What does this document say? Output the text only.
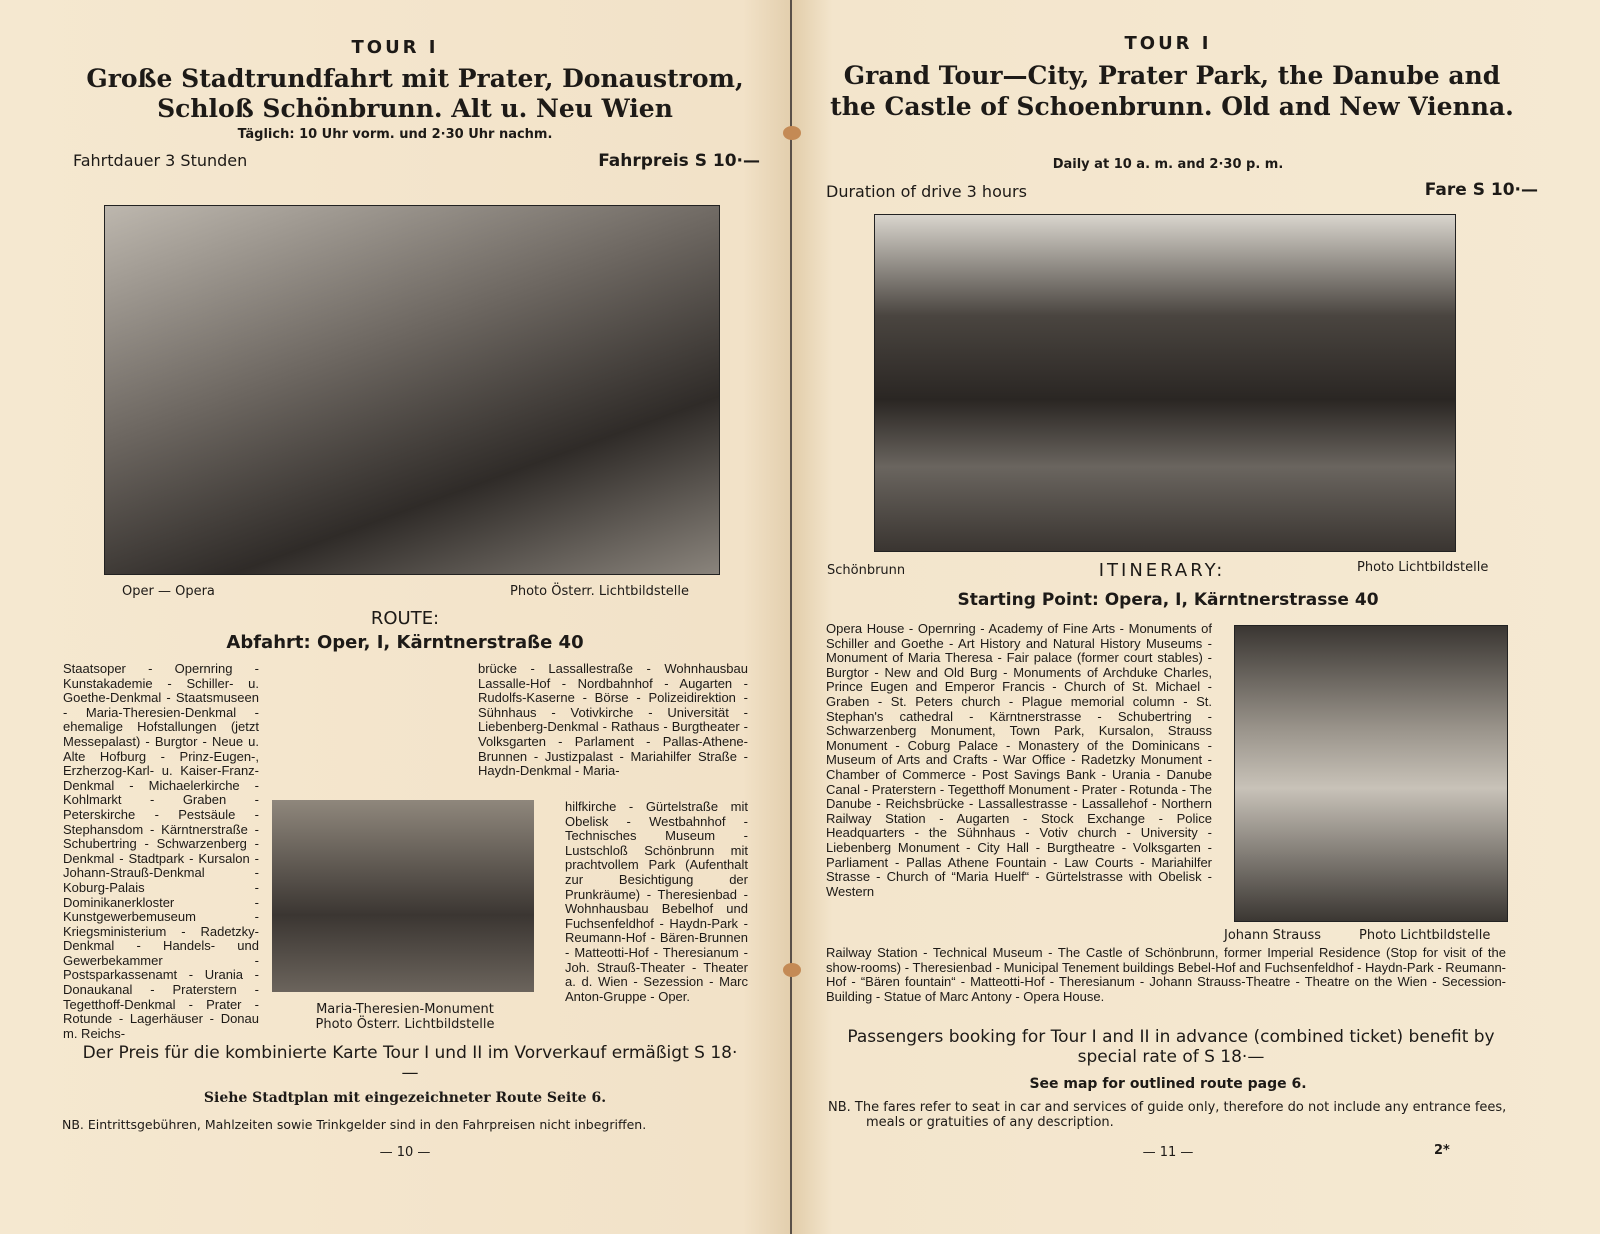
TOUR I
Große Stadtrundfahrt mit Prater, Donaustrom, Schloß Schönbrunn. Alt u. Neu Wien
Täglich: 10 Uhr vorm. und 2·30 Uhr nachm.
Fahrtdauer 3 Stunden	Fahrpreis S 10·—
Oper — Opera	Photo Österr. Lichtbildstelle
ROUTE:
Abfahrt: Oper, I, Kärntnerstraße 40
Staatsoper - Opernring - Kunstakademie - Schiller- u. Goethe-Denkmal - Staatsmuseen - Maria-Theresien-Denkmal - ehemalige Hofstallungen (jetzt Messepalast) - Burgtor - Neue u. Alte Hofburg - Prinz-Eugen-, Erzherzog-Karl- u. Kaiser-Franz-Denkmal - Michaelerkirche - Kohlmarkt - Graben - Peterskirche - Pestsäule - Stephansdom - Kärntnerstraße - Schubertring - Schwarzenberg - Denkmal - Stadtpark - Kursalon - Johann-Strauß-Denkmal - Koburg-Palais - Dominikanerkloster - Kunstgewerbemuseum - Kriegsministerium - Radetzky-Denkmal - Handels- und Gewerbekammer - Postsparkassenamt - Urania - Donaukanal - Praterstern - Tegetthoff-Denkmal - Prater - Rotunde - Lagerhäuser - Donau m. Reichs-
brücke - Lassallestraße - Wohnhausbau Lassalle-Hof - Nordbahnhof - Augarten - Rudolfs-Kaserne - Börse - Polizeidirektion - Sühnhaus - Votivkirche - Universität - Liebenberg-Denkmal - Rathaus - Burgtheater - Volksgarten - Parlament - Pallas-Athene-Brunnen - Justizpalast - Mariahilfer Straße - Haydn-Denkmal - Maria-
hilfkirche - Gürtelstraße mit Obelisk - Westbahnhof - Technisches Museum - Lustschloß Schönbrunn mit prachtvollem Park (Aufenthalt zur Besichtigung der Prunkräume) - Theresienbad - Wohnhausbau Bebelhof und Fuchsenfeldhof - Haydn-Park - Reumann-Hof - Bären-Brunnen - Matteotti-Hof - Theresianum - Joh. Strauß-Theater - Theater a. d. Wien - Sezession - Marc Anton-Gruppe - Oper.
Maria-Theresien-Monument
Photo Österr. Lichtbildstelle
Der Preis für die kombinierte Karte Tour I und II im Vorverkauf ermäßigt S 18·—
Siehe Stadtplan mit eingezeichneter Route Seite 6.
NB. Eintrittsgebühren, Mahlzeiten sowie Trinkgelder sind in den Fahrpreisen nicht inbegriffen.
— 10 —
TOUR I
Grand Tour—City, Prater Park, the Danube and the Castle of Schoenbrunn. Old and New Vienna.
Daily at 10 a. m. and 2·30 p. m.
Duration of drive 3 hours	Fare S 10·—
Schönbrunn	ITINERARY:	Photo Lichtbildstelle
Starting Point: Opera, I, Kärntnerstrasse 40
Opera House - Opernring - Academy of Fine Arts - Monuments of Schiller and Goethe - Art History and Natural History Museums - Monument of Maria Theresa - Fair palace (former court stables) - Burgtor - New and Old Burg - Monuments of Archduke Charles, Prince Eugen and Emperor Francis - Church of St. Michael - Graben - St. Peters church - Plague memorial column - St. Stephan's cathedral - Kärntnerstrasse - Schubertring - Schwarzenberg Monument, Town Park, Kursalon, Strauss Monument - Coburg Palace - Monastery of the Dominicans - Museum of Arts and Crafts - War Office - Radetzky Monument - Chamber of Commerce - Post Savings Bank - Urania - Danube Canal - Praterstern - Tegetthoff Monument - Prater - Rotunda - The Danube - Reichsbrücke - Lassallestrasse - Lassallehof - Northern Railway Station - Augarten - Stock Exchange - Police Headquarters - the Sühnhaus - Votiv church - University - Liebenberg Monument - City Hall - Burgtheatre - Volksgarten - Parliament - Pallas Athene Fountain - Law Courts - Mariahilfer Strasse - Church of “Maria Huelf“ - Gürtelstrasse with Obelisk - Western
Johann Strauss	Photo Lichtbildstelle
Railway Station - Technical Museum - The Castle of Schönbrunn, former Imperial Residence (Stop for visit of the show-rooms) - Theresienbad - Municipal Tenement buildings Bebel-Hof and Fuchsenfeldhof - Haydn-Park - Reumann-Hof - “Bären fountain“ - Matteotti-Hof - Theresianum - Johann Strauss-Theatre - Theatre on the Wien - Secession-Building - Statue of Marc Antony - Opera House.
Passengers booking for Tour I and II in advance (combined ticket) benefit by special rate of S 18·—
See map for outlined route page 6.
NB. The fares refer to seat in car and services of guide only, therefore do not include any entrance fees, meals or gratuities of any description.
— 11 —	2*
